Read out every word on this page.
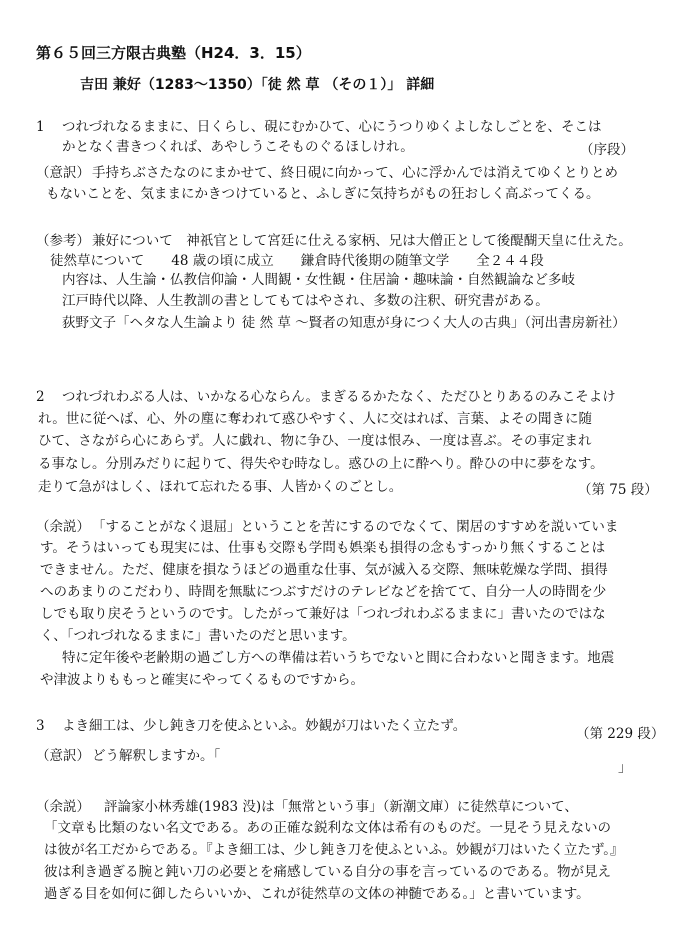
第６５回三方限古典塾（H24．3．15）
吉田 兼好（1283～1350）「徒 然 草 （その１）」 詳細
1 つれづれなるままに、日くらし、硯にむかひて、心にうつりゆくよしなしごとを、そこは
かとなく書きつくれば、あやしうこそものぐるほしけれ。	（序段）
（意訳） 手持ちぶさたなのにまかせて、終日硯に向かって、心に浮かんでは消えてゆくとりとめ
もないことを、気ままにかきつけていると、ふしぎに気持ちがもの狂おしく高ぶってくる。
（参考） 兼好について　神祇官として宮廷に仕える家柄、兄は大僧正として後醍醐天皇に仕えた。
徒然草について　　48 歳の頃に成立　　鎌倉時代後期の随筆文学　　全２４４段
内容は、人生論・仏教信仰論・人間観・女性観・住居論・趣味論・自然観論など多岐
江戸時代以降、人生教訓の書としてもてはやされ、多数の注釈、研究書がある。
荻野文子「ヘタな人生論より 徒 然 草 ～賢者の知恵が身につく大人の古典」（河出書房新社）
2 つれづれわぶる人は、いかなる心ならん。まぎるるかたなく、ただひとりあるのみこそよけ
れ。世に従へば、心、外の塵に奪われて惑ひやすく、人に交はれば、言葉、よその聞きに随
ひて、さながら心にあらず。人に戯れ、物に争ひ、一度は恨み、一度は喜ぶ。その事定まれ
る事なし。分別みだりに起りて、得失やむ時なし。惑ひの上に酔へり。酔ひの中に夢をなす。
走りて急がはしく、ほれて忘れたる事、人皆かくのごとし。	（第 75 段）
（余説） 「することがなく退屈」ということを苦にするのでなくて、閑居のすすめを説いていま
す。そうはいっても現実には、仕事も交際も学問も娯楽も損得の念もすっかり無くすることは
できません。ただ、健康を損なうほどの過重な仕事、気が滅入る交際、無味乾燥な学問、損得
へのあまりのこだわり、時間を無駄につぶすだけのテレビなどを捨てて、自分一人の時間を少
しでも取り戻そうというのです。したがって兼好は「つれづれわぶるままに」書いたのではな
く、「つれづれなるままに」書いたのだと思います。
特に定年後や老齢期の過ごし方への準備は若いうちでないと間に合わないと聞きます。地震
や津波よりももっと確実にやってくるものですから。
3 よき細工は、少し鈍き刀を使ふといふ。妙観が刀はいたく立たず。	（第 229 段）
（意訳） どう解釈しますか。「
」
（余説） 評論家小林秀雄(1983 没)は「無常という事」（新潮文庫）に徒然草について、
「文章も比類のない名文である。あの正確な鋭利な文体は希有のものだ。一見そう見えないの
は彼が名工だからである。『よき細工は、少し鈍き刀を使ふといふ。妙観が刀はいたく立たず。』
彼は利き過ぎる腕と鈍い刀の必要とを痛感している自分の事を言っているのである。物が見え
過ぎる目を如何に御したらいいか、これが徒然草の文体の神髄である。」と書いています。
